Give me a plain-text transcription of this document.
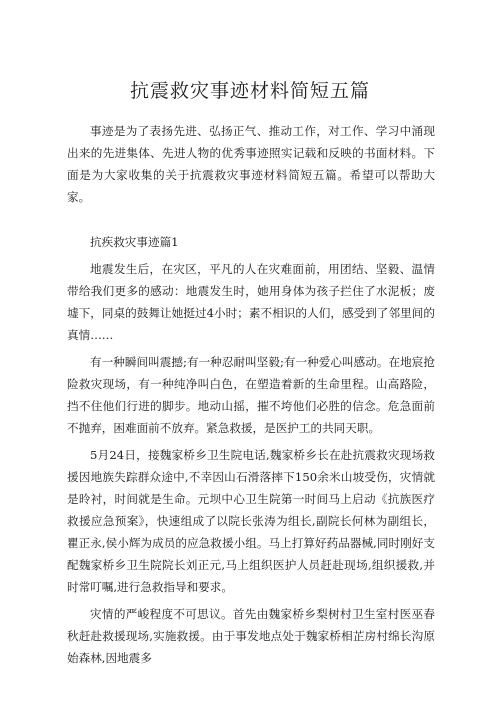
抗震救灾事迹材料简短五篇

事迹是为了表扬先进、弘扬正气、推动工作，对工作、学习中涌现出来的先进集体、先进人物的优秀事迹照实记载和反映的书面材料。下面是为大家收集的关于抗震救灾事迹材料简短五篇。希望可以帮助大家。

抗疾救灾事迹篇1

地震发生后，在灾区，平凡的人在灾难面前，用团结、坚毅、温情带给我们更多的感动：地震发生时，她用身体为孩子拦住了水泥板；废墟下，同桌的鼓舞让她挺过4小时；素不相识的人们，感受到了邻里间的真情……

有一种瞬间叫震撼;有一种忍耐叫坚毅;有一种爱心叫感动。在地宸抢险救灾现场，有一种纯净叫白色，在塑造着新的生命里程。山高路险，挡不住他们行进的脚步。地动山摇，摧不垮他们必胜的信念。危急面前不抛弃，困难面前不放弃。紧急救援，是医护工的共同天职。

5月24日，接魏家桥乡卫生院电话,魏家桥乡长在赴抗震救灾现场救援因地族失踪群众途中,不幸因山石滑落摔下150余米山坡受伤，灾情就是昤衬，时间就是生命。元坝中心卫生院第一时间马上启动《抗族医疗救援应急预案》，快速组成了以院长张涛为组长,副院长何林为副组长，瞿正永,侯小辉为成员的应急救援小组。马上打算好药品器械,同时刚好支配魏家桥乡卫生院院长刘正元,马上组织医护人员赶赴现场,组织援救,并时常叮嘱,进行急救指导和要求。

灾情的严峻程度不可思议。首先由魏家桥乡梨树村卫生室村医巫春秋赶赴救援现场,实施救援。由于事发地点处于魏家桥相芷房村绵长沟原始森林,因地震多
